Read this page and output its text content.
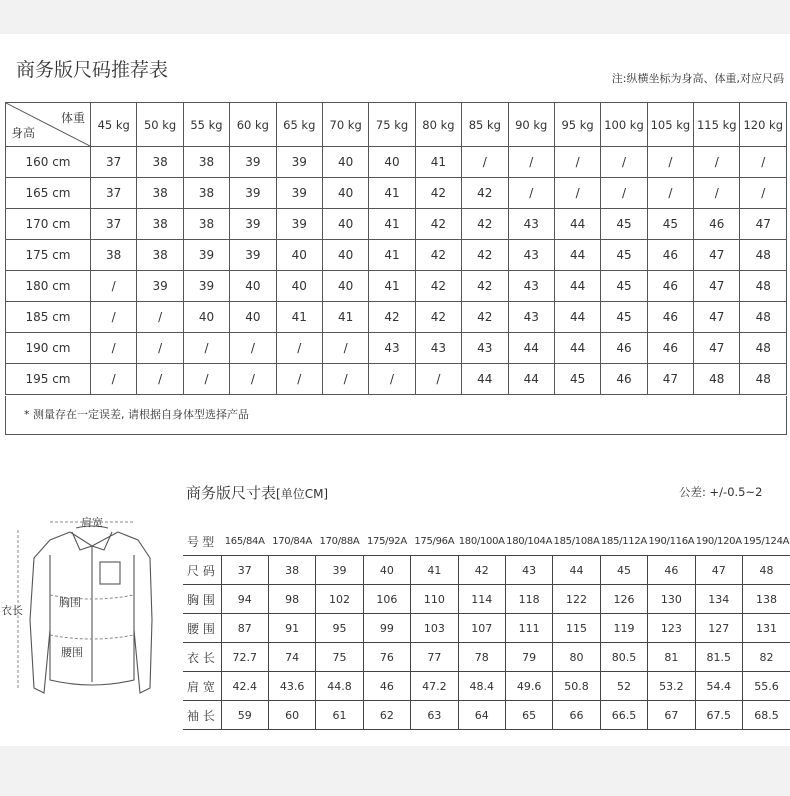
商务版尺码推荐表	注:纵横坐标为身高、体重,对应尺码
体重
身高	45 kg	50 kg	55 kg	60 kg	65 kg	70 kg	75 kg	80 kg	85 kg	90 kg	95 kg	100 kg	105 kg	115 kg	120 kg
160 cm	37	38	38	39	39	40	40	41	/	/	/	/	/	/	/
165 cm	37	38	38	39	39	40	41	42	42	/	/	/	/	/	/
170 cm	37	38	38	39	39	40	41	42	42	43	44	45	45	46	47
175 cm	38	38	39	39	40	40	41	42	42	43	44	45	46	47	48
180 cm	/	39	39	40	40	40	41	42	42	43	44	45	46	47	48
185 cm	/	/	40	40	41	41	42	42	42	43	44	45	46	47	48
190 cm	/	/	/	/	/	/	43	43	43	44	44	46	46	47	48
195 cm	/	/	/	/	/	/	/	/	44	44	45	46	47	48	48
* 测量存在一定误差, 请根据自身体型选择产品
商务版尺寸表[单位CM]	公差: +/-0.5~2
肩宽
胸围
腰围
衣长
号 型	165/84A	170/84A	170/88A	175/92A	175/96A	180/100A	180/104A	185/108A	185/112A	190/116A	190/120A	195/124A
尺 码	37	38	39	40	41	42	43	44	45	46	47	48
胸 围	94	98	102	106	110	114	118	122	126	130	134	138
腰 围	87	91	95	99	103	107	111	115	119	123	127	131
衣 长	72.7	74	75	76	77	78	79	80	80.5	81	81.5	82
肩 宽	42.4	43.6	44.8	46	47.2	48.4	49.6	50.8	52	53.2	54.4	55.6
袖 长	59	60	61	62	63	64	65	66	66.5	67	67.5	68.5
